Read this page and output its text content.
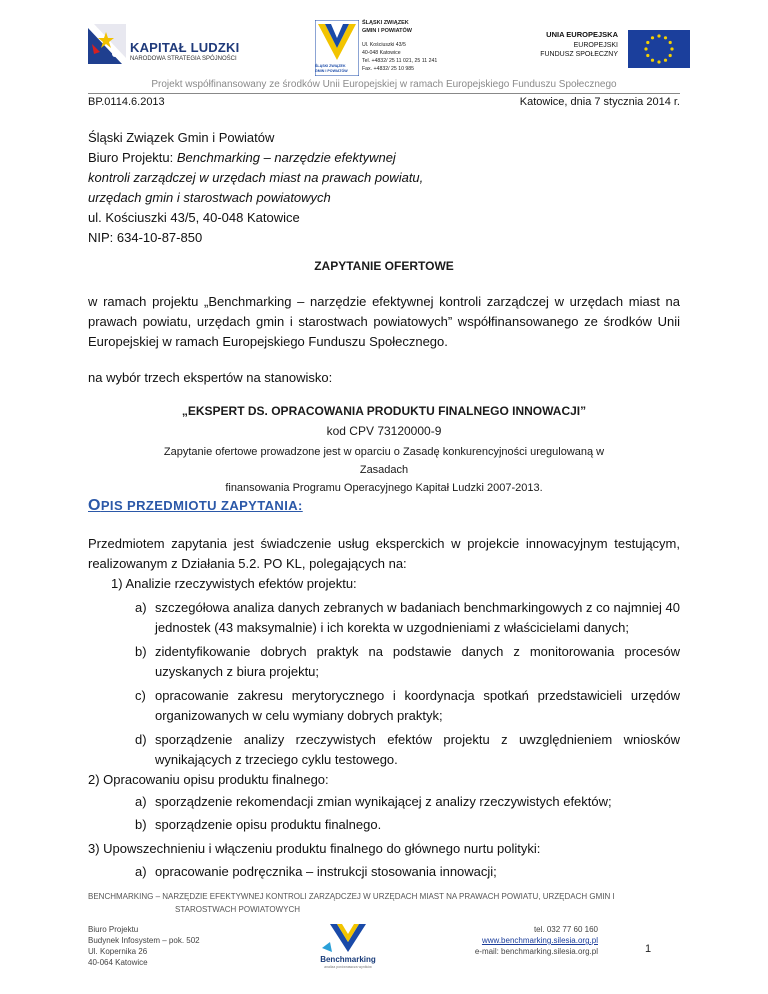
KAPITAŁ LUDZKI
NARODOWA STRATEGIA SPÓJNOŚCI
ŚLĄSKI ZWIĄZEK
GMIN I POWIATÓW
ŚLĄSKI ZWIĄZEK
GMIN I POWIATÓW
Ul. Kościuszki 43/5
40-048 Katowice
Tel. +4832/ 25 11 021, 25 11 241
Fax. +4832/ 25 10 985
UNIA EUROPEJSKA
EUROPEJSKI
FUNDUSZ SPOŁECZNY
Projekt współfinansowany ze środków Unii Europejskiej w ramach Europejskiego Funduszu Społecznego
BP.0114.6.2013	Katowice, dnia 7 stycznia 2014 r.
Śląski Związek Gmin i Powiatów
Biuro Projektu: Benchmarking – narzędzie efektywnej
kontroli zarządczej w urzędach miast na prawach powiatu,
urzędach gmin i starostwach powiatowych
ul. Kościuszki 43/5, 40-048 Katowice
NIP: 634-10-87-850
ZAPYTANIE OFERTOWE
w ramach projektu „Benchmarking – narzędzie efektywnej kontroli zarządczej w urzędach miast na prawach powiatu, urzędach gmin i starostwach powiatowych” współfinansowanego ze środków Unii Europejskiej w ramach Europejskiego Funduszu Społecznego.
na wybór trzech ekspertów na stanowisko:
„EKSPERT DS. OPRACOWANIA PRODUKTU FINALNEGO INNOWACJI”
kod CPV 73120000-9
Zapytanie ofertowe prowadzone jest w oparciu o Zasadę konkurencyjności uregulowaną w Zasadach
finansowania Programu Operacyjnego Kapitał Ludzki 2007-2013.
OPIS PRZEDMIOTU ZAPYTANIA:
Przedmiotem zapytania jest świadczenie usług eksperckich w projekcie innowacyjnym testującym, realizowanym z Działania 5.2. PO KL, polegających na:
1) Analizie rzeczywistych efektów projektu:
a) szczegółowa analiza danych zebranych w badaniach benchmarkingowych z co najmniej 40 jednostek (43 maksymalnie) i ich korekta w uzgodnieniami z właścicielami danych;
b) zidentyfikowanie dobrych praktyk na podstawie danych z monitorowania procesów uzyskanych z biura projektu;
c) opracowanie zakresu merytorycznego i koordynacja spotkań przedstawicieli urzędów organizowanych w celu wymiany dobrych praktyk;
d) sporządzenie analizy rzeczywistych efektów projektu z uwzględnieniem wniosków wynikających z trzeciego cyklu testowego.
2) Opracowaniu opisu produktu finalnego:
a) sporządzenie rekomendacji zmian wynikającej z analizy rzeczywistych efektów;
b) sporządzenie opisu produktu finalnego.
3) Upowszechnieniu i włączeniu produktu finalnego do głównego nurtu polityki:
a) opracowanie podręcznika – instrukcji stosowania innowacji;
BENCHMARKING – NARZĘDZIE EFEKTYWNEJ KONTROLI ZARZĄDCZEJ W URZĘDACH MIAST NA PRAWACH POWIATU, URZĘDACH GMIN I
STAROSTWACH POWIATOWYCH
Biuro Projektu
Budynek Infosystem – pok. 502
Ul. Kopernika 26
40-064 Katowice	Benchmarking
analiza porównawcza wyników
tel. 032 77 60 160
www.benchmarking.silesia.org.pl
e-mail: benchmarking.silesia.org.pl	1
